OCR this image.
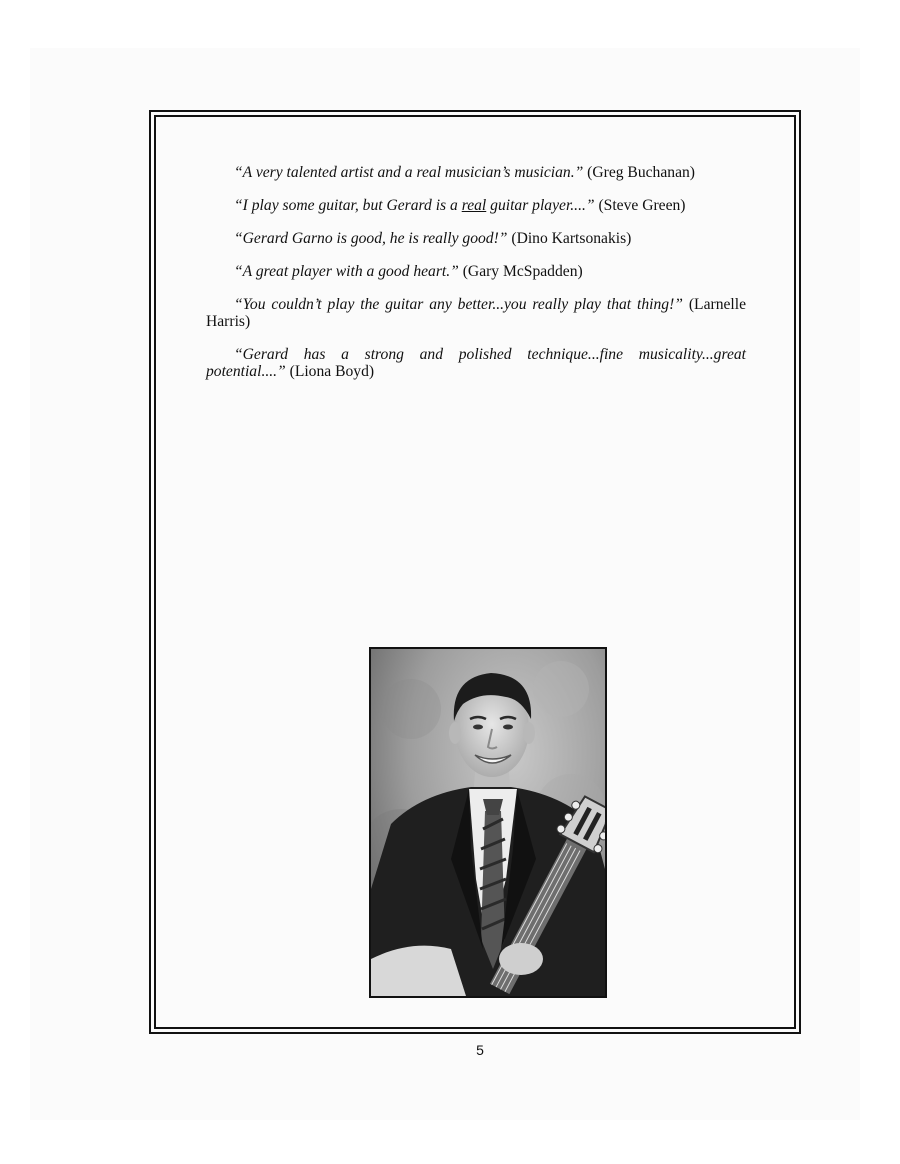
“A very talented artist and a real musician’s musician.” (Greg Buchanan)

“I play some guitar, but Gerard is a real guitar player....” (Steve Green)

“Gerard Garno is good, he is really good!” (Dino Kartsonakis)

“A great player with a good heart.” (Gary McSpadden)

“You couldn’t play the guitar any better...you really play that thing!” (Larnelle Harris)

“Gerard has a strong and polished technique...fine musicality...great potential....” (Liona Boyd)

5
